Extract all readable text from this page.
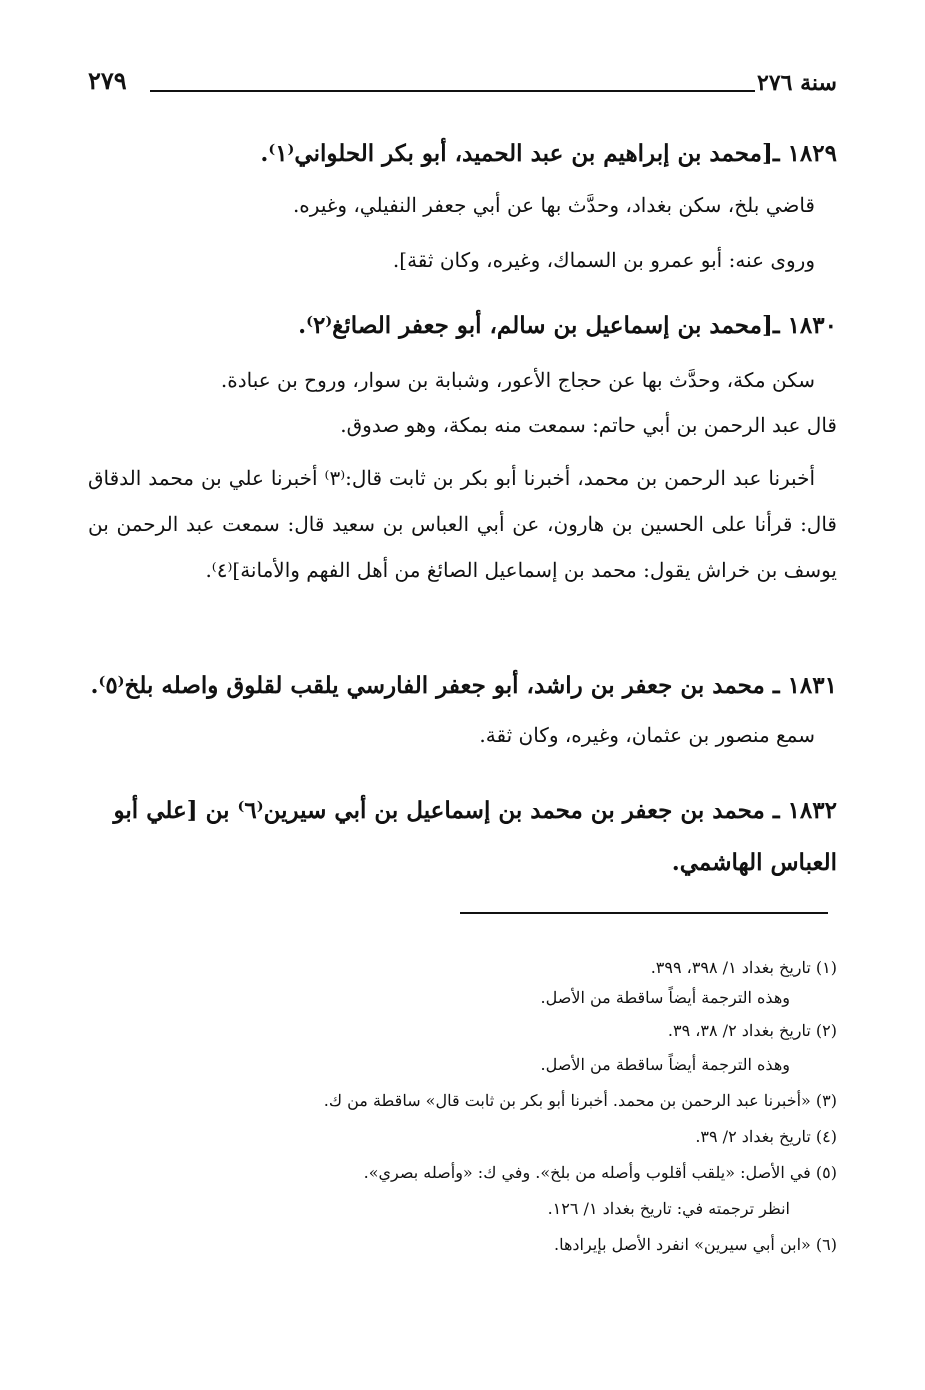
سنة ٢٧٦
٢٧٩
١٨٢٩ ـ[محمد بن إبراهيم بن عبد الحميد، أبو بكر الحلواني⁽١⁾.
قاضي بلخ، سكن بغداد، وحدَّث بها عن أبي جعفر النفيلي، وغيره.
وروى عنه: أبو عمرو بن السماك، وغيره، وكان ثقة].
١٨٣٠ ـ[محمد بن إسماعيل بن سالم، أبو جعفر الصائغ⁽٢⁾.
سكن مكة، وحدَّث بها عن حجاج الأعور، وشبابة بن سوار، وروح بن عبادة.
قال عبد الرحمن بن أبي حاتم: سمعت منه بمكة، وهو صدوق.
أخبرنا عبد الرحمن بن محمد، أخبرنا أبو بكر بن ثابت قال:⁽٣⁾ أخبرنا علي بن محمد الدقاق قال: قرأنا على الحسين بن هارون، عن أبي العباس بن سعيد قال: سمعت عبد الرحمن بن يوسف بن خراش يقول: محمد بن إسماعيل الصائغ من أهل الفهم والأمانة]⁽٤⁾.
١٨٣١ ـ محمد بن جعفر بن راشد، أبو جعفر الفارسي يلقب لقلوق واصله بلخ⁽٥⁾.
سمع منصور بن عثمان، وغيره، وكان ثقة.
١٨٣٢ ـ محمد بن جعفر بن محمد بن إسماعيل بن أبي سيرين⁽٦⁾ بن [علي أبو العباس الهاشمي.
(١) تاريخ بغداد ١/ ٣٩٨، ٣٩٩.
وهذه الترجمة أيضاً ساقطة من الأصل.
(٢) تاريخ بغداد ٢/ ٣٨، ٣٩.
وهذه الترجمة أيضاً ساقطة من الأصل.
(٣) «أخبرنا عبد الرحمن بن محمد. أخبرنا أبو بكر بن ثابت قال» ساقطة من ك.
(٤) تاريخ بغداد ٢/ ٣٩.
(٥) في الأصل: «يلقب أقلوب وأصله من بلخ». وفي ك: «وأصله بصري».
انظر ترجمته في: تاريخ بغداد ١/ ١٢٦.
(٦) «ابن أبي سيرين» انفرد الأصل بإيرادها.
